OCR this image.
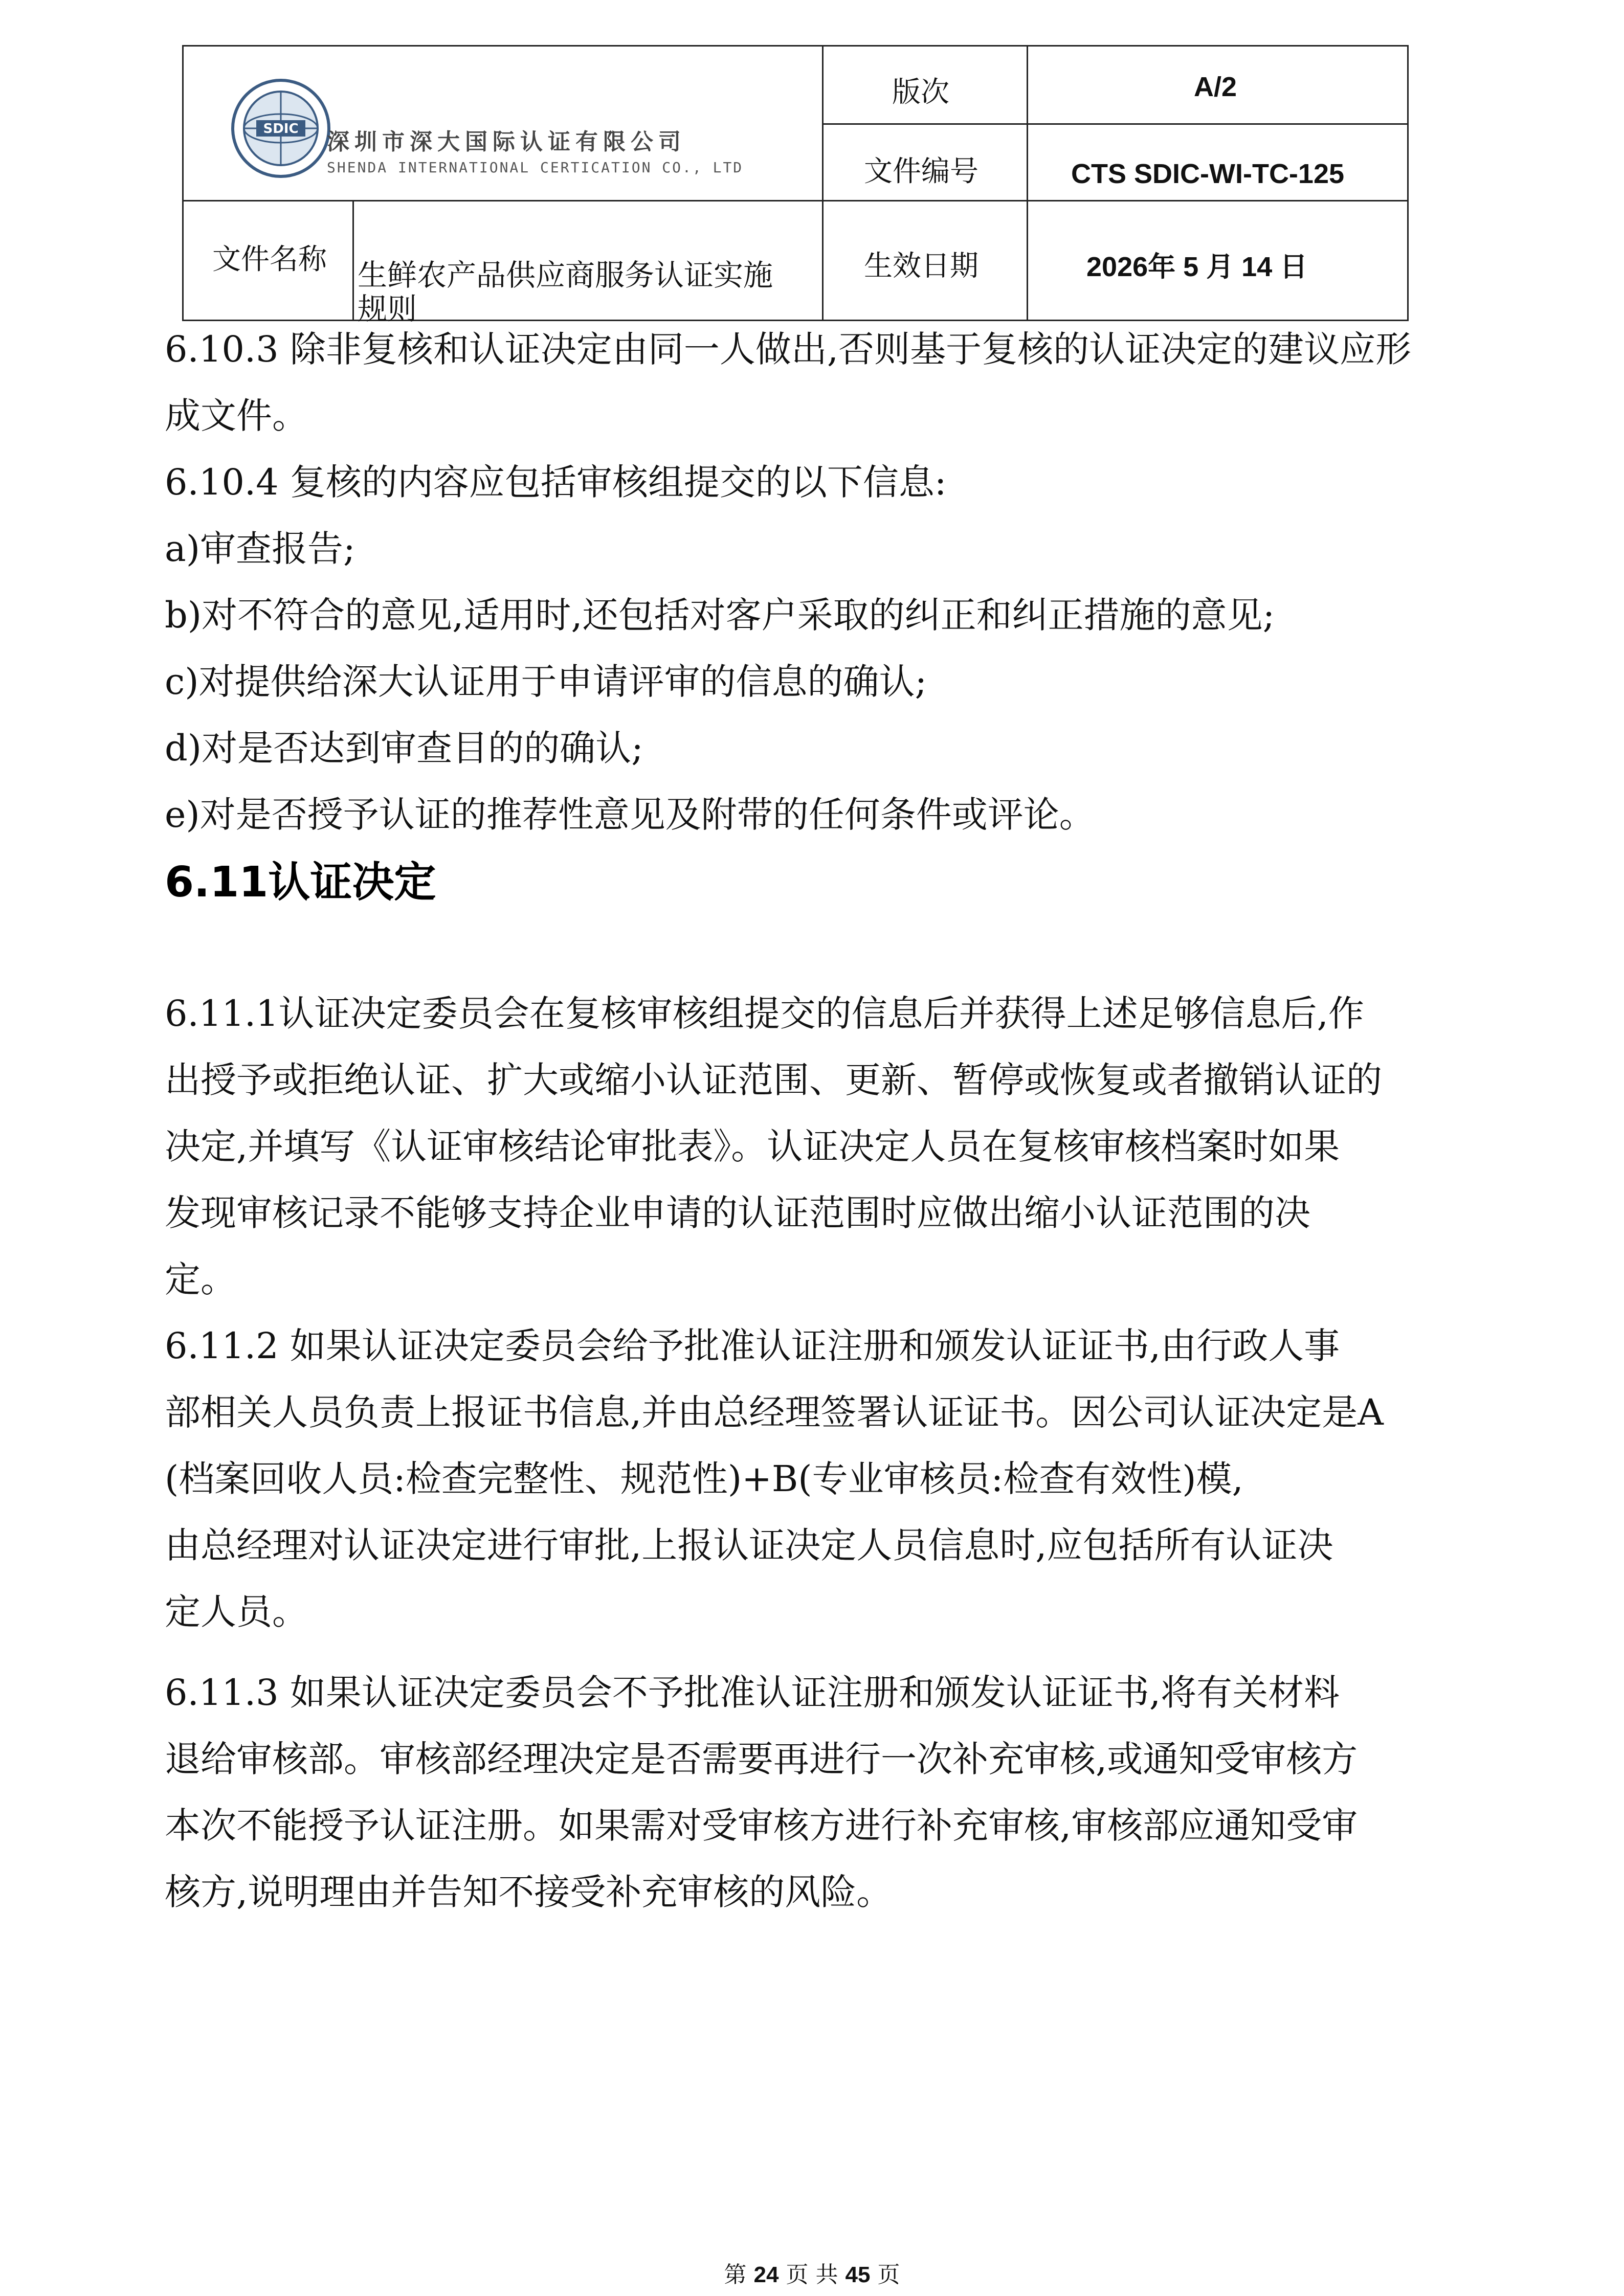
SDIC 深圳市深大国际认证有限公司
SHENDA INTERNATIONAL CERTICATION CO., LTD
版次	A/2
文件编号	CTS SDIC-WI-TC-125
文件名称 生鲜农产品供应商服务认证实施
规则
生效日期	2026年 5 月 14 日
6.10.3 除非复核和认证决定由同一人做出,否则基于复核的认证决定的建议应形
成文件。
6.10.4 复核的内容应包括审核组提交的以下信息:
a)审查报告;
b)对不符合的意见,适用时,还包括对客户采取的纠正和纠正措施的意见;
c)对提供给深大认证用于申请评审的信息的确认;
d)对是否达到审查目的的确认;
e)对是否授予认证的推荐性意见及附带的任何条件或评论。
6.11认证决定
6.11.1认证决定委员会在复核审核组提交的信息后并获得上述足够信息后,作
出授予或拒绝认证、扩大或缩小认证范围、更新、暂停或恢复或者撤销认证的
决定,并填写《认证审核结论审批表》。认证决定人员在复核审核档案时如果
发现审核记录不能够支持企业申请的认证范围时应做出缩小认证范围的决
定。
6.11.2 如果认证决定委员会给予批准认证注册和颁发认证证书,由行政人事
部相关人员负责上报证书信息,并由总经理签署认证证书。因公司认证决定是A
(档案回收人员:检查完整性、规范性)+B(专业审核员:检查有效性)模,
由总经理对认证决定进行审批,上报认证决定人员信息时,应包括所有认证决
定人员。
6.11.3 如果认证决定委员会不予批准认证注册和颁发认证证书,将有关材料
退给审核部。审核部经理决定是否需要再进行一次补充审核,或通知受审核方
本次不能授予认证注册。如果需对受审核方进行补充审核,审核部应通知受审
核方,说明理由并告知不接受补充审核的风险。
第 24 页 共 45 页
